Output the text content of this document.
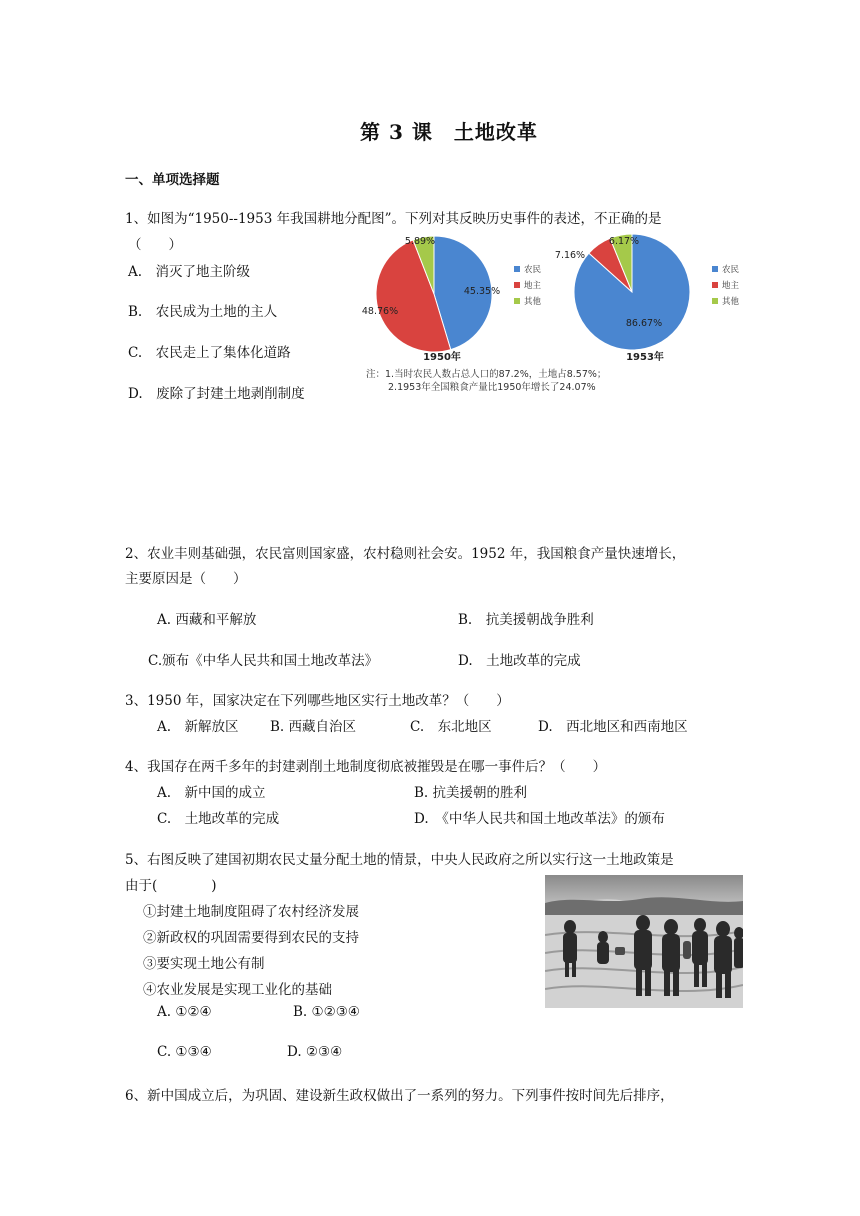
第 3 课　土地改革
一、单项选择题
1、如图为“1950--1953 年我国耕地分配图”。下列对其反映历史事件的表述，不正确的是
（　　）
A.　消灭了地主阶级
B.　农民成为土地的主人
C.　农民走上了集体化道路
D.　废除了封建土地剥削制度
45.35%
48.76%
5.89%
农民
地主
其他
86.67%
7.16%
6.17%
农民
地主
其他
1950年	1953年
注：1.当时农民人数占总人口的87.2%，土地占8.57%；
2.1953年全国粮食产量比1950年增长了24.07%
2、农业丰则基础强，农民富则国家盛，农村稳则社会安。1952 年，我国粮食产量快速增长，
主要原因是（　　）
A. 西藏和平解放	B.　抗美援朝战争胜利
C.颁布《中华人民共和国土地改革法》	D.　土地改革的完成
3、1950 年，国家决定在下列哪些地区实行土地改革？（　　）
A.　新解放区 B. 西藏自治区	C.　东北地区	D.　西北地区和西南地区
4、我国存在两千多年的封建剥削土地制度彻底被摧毁是在哪一事件后？（　　）
A.　新中国的成立	B. 抗美援朝的胜利
C.　土地改革的完成	D.　《中华人民共和国土地改革法》的颁布
5、右图反映了建国初期农民丈量分配土地的情景，中央人民政府之所以实行这一土地政策是
由于(　　　　)
①封建土地制度阻碍了农村经济发展
②新政权的巩固需要得到农民的支持
③要实现土地公有制
④农业发展是实现工业化的基础
A. ①②④	B. ①②③④
C. ①③④	D. ②③④
6、新中国成立后，为巩固、建设新生政权做出了一系列的努力。下列事件按时间先后排序，
